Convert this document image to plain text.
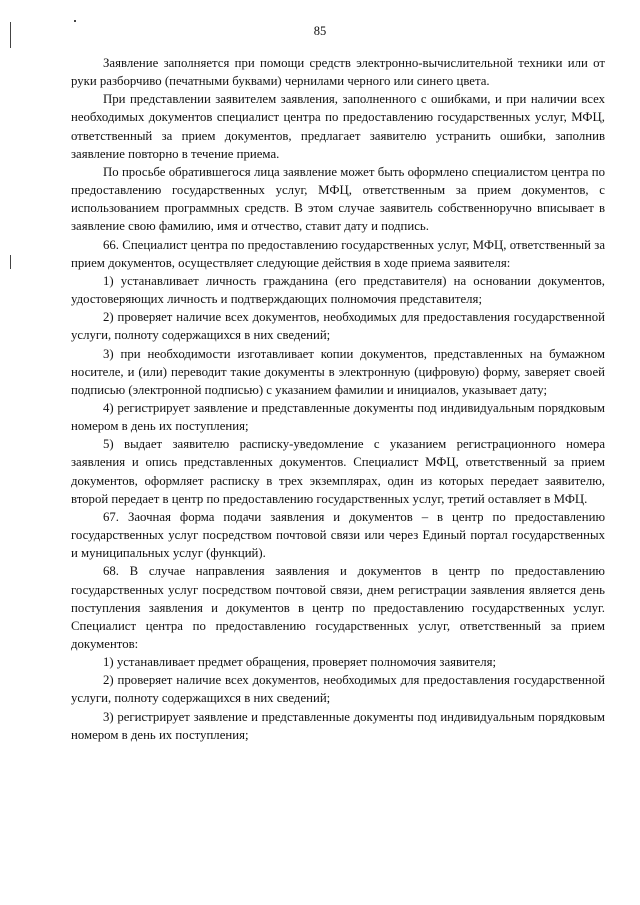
85

Заявление заполняется при помощи средств электронно-вычислительной техники или от руки разборчиво (печатными буквами) чернилами черного или синего цвета.

При представлении заявителем заявления, заполненного с ошибками, и при наличии всех необходимых документов специалист центра по предоставлению государственных услуг, МФЦ, ответственный за прием документов, предлагает заявителю устранить ошибки, заполнив заявление повторно в течение приема.

По просьбе обратившегося лица заявление может быть оформлено специалистом центра по предоставлению государственных услуг, МФЦ, ответственным за прием документов, с использованием программных средств. В этом случае заявитель собственноручно вписывает в заявление свою фамилию, имя и отчество, ставит дату и подпись.

66. Специалист центра по предоставлению государственных услуг, МФЦ, ответственный за прием документов, осуществляет следующие действия в ходе приема заявителя:

1) устанавливает личность гражданина (его представителя) на основании документов, удостоверяющих личность и подтверждающих полномочия представителя;

2) проверяет наличие всех документов, необходимых для предоставления государственной услуги, полноту содержащихся в них сведений;

3) при необходимости изготавливает копии документов, представленных на бумажном носителе, и (или) переводит такие документы в электронную (цифровую) форму, заверяет своей подписью (электронной подписью) с указанием фамилии и инициалов, указывает дату;

4) регистрирует заявление и представленные документы под индивидуальным порядковым номером в день их поступления;

5) выдает заявителю расписку-уведомление с указанием регистрационного номера заявления и опись представленных документов. Специалист МФЦ, ответственный за прием документов, оформляет расписку в трех экземплярах, один из которых передает заявителю, второй передает в центр по предоставлению государственных услуг, третий оставляет в МФЦ.

67. Заочная форма подачи заявления и документов – в центр по предоставлению государственных услуг посредством почтовой связи или через Единый портал государственных и муниципальных услуг (функций).

68. В случае направления заявления и документов в центр по предоставлению государственных услуг посредством почтовой связи, днем регистрации заявления является день поступления заявления и документов в центр по предоставлению государственных услуг. Специалист центра по предоставлению государственных услуг, ответственный за прием документов:

1) устанавливает предмет обращения, проверяет полномочия заявителя;

2) проверяет наличие всех документов, необходимых для предоставления государственной услуги, полноту содержащихся в них сведений;

3) регистрирует заявление и представленные документы под индивидуальным порядковым номером в день их поступления;
